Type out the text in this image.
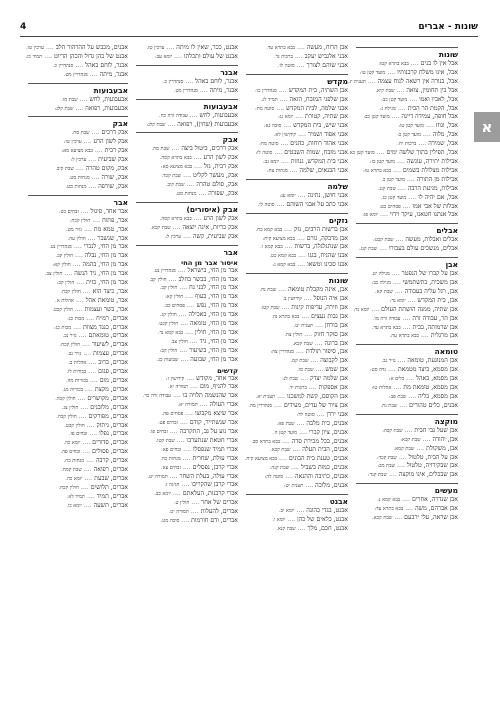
4	שונות - אברים
א
שונות
אבל אין לו בנים .... בבא בתרא קטו:
אבל, אינו משלח קרבנותיו .... מועד קטן טו:
אבל, בנורה אין רשאה לנוח עצמה .... תענית יג.
אבל בין תחומין, צואה .... שבת קיא.
אבל, לאביו ואמו .... מועד קטן כב:
אבל, הקמת הר הבית .... מגילה ג:
אבל חופה, עמידה דיינה .... מועד קטן כב:
אבל, וגוזז .... מועד קטן טו:
אבל, מלוה .... מועד קטן כ:
אבל, שמירה .... ברכות יח.
אבל, תפילין בתוך שלשה ימים .... מועד קטן כא.
אבילות יתירה, עונשה .... מועד קטן כז:
אבילות מצלולת בשמים .... בבא בתרא טז:
אבילות מן התורה .... מועד קטן כ.
אבילות, מניעת הרבה .... שבת קנג.
אבל, אם יהיה לו .... מועד קטן כג.
אבלות של אבי אמו .... פסחים כט:
אבל אנתנו חטאנו, עיקר וידוי .... יומא פז:
אבלים
אבלים ואבלות, מעשה .... שבת קכט:
אבלים, מנשכים עולם בעבורו .... שבת קנג.
אבן
אבן על קברו של הנפטר .... מגילה יט.
אבן משכית, בתשתמשי .... מגילה כב:
אבן, רגל עליה בעבודה .... שבת קא.
אבן, בית המקדש .... יומא נד:
אבן שתיה, ממנה הושתת העולם .... יומא נד:
אבן הר, עבודה זרה .... עבודה זרה מו.
אבן שרמותה, בבית .... בבא בתרא עד.
אבן מרגלית .... בבא בתרא עה.
טומאה
אבן המנוגעת, טומאה .... נזיר נב.
אבן מסמא, כיצד מטמאת .... נדה סט:
אבן מסמא, באהל .... כלים א:
אבן מסמא, טומאת מת .... אהלות טו:
אבן מסמא, כליה .... שבת פב:
אבנים, כלים טהורים .... שבת נח.
מוקצה
אבן שעל גבי חבית .... שבת קכה:
אבן, יהודה .... שבת קכא:
אבן, משקולת .... שבת קמא.
אבן על הבית, טלטול .... שבת קכד:
אבן שבקירויה, טלטול .... שבת מב:
אבן שבכלים, אינו מוקצה .... שבת קנד:
מעשים
אבן שנדרה, אחרים .... בבא קמא נ:
אבן אברהם, משה .... בבא בתרא עד:
אבן שראה, עלי ירבעם .... שבת קכא.
אבן הרוח, מעשה .... בבא בתרא עד.
אבני אלגביש יעקב .... ברכות נד.
אבני שוהם לצורך .... סוטה לו.
מקדש
אבן השתיה, בית המקדש .... סנהדרין כו:
אבן שלפני המזבח, הזאה .... תמיד לג.
אבני שלמה, לבית המקדש .... סוטה מח:
אבן שתיה, קטורת .... יומא נג:
אבני שיש, בית המקדש .... סוכה נא:
אבני אפוד ושמיר .... קידושין לא.
אבני אהוד רוחות, כהנים .... סוטה מח:
אבני מזבח, שמות השבטים .... סוטה לו:
אבני בית המקדש, גנוזות .... יומא נב:
אבני הבנאים, שלמה .... מנחות צח:
שלמה
אבני חושן, נתינה .... יומא עג:
אבני כתב על אבני השוהם .... סוטה לו.
נזקים
אבן ברשות הרבים, נזק .... בבא קמא כח.
אבן מדבקה, גורם .... בבא מציעא קיח:
אבן שנתגלגלה, ברשות .... בבא קמא ו.
אבנו שהניח, בגגו .... בבא קמא כט.
אבנו סכינו ומשאו .... בבא קמא ג:
שונות
אבן, אינה מקבלת טומאה .... שבת נח.
אבן איה הנופל .... קידושין ב.
אבן וזירה, עדיפות קינות .... שבת קטז.
אבן גבות נעצים .... בבא בתרא נה.
אבן בורחן .... תענית יט.
אבן סוקר חזוק .... חולין צח.
אבן ברונה .... שבת קכא.
אבן, סיפור תולדת .... סנהדרין צה:
אבן לקבוצה .... שבת קמ.
אבן שמש .... שבת סו.
אבן שלמה יצדק .... שבת לג:
אבן אספקות .... ברכות יד.
אבן הקוסם, קשת למשכנו .... תענית יא.
אבן ציור של עדים, מעידים .... סנהדרין מה.
אבני ירדן .... סוטה לד:
אבנים, בית מלבה .... שבת פא.
אבנים, ציון קברי .... מועד קטן ה.
אבנים, בכל מכירת סדה .... בבא בתרא סב.
אבנים, הבית תעלה .... שבת קכא.
אבנים, טענת בית הבונים .... בבא מציעא קיח.
אבנים, כמות בשביל .... שבת קנה.
אבנים, כתיבה וההנאה .... סוטה לה:
אבנים, מלוכה .... תענית יט:
אבנט
אבנט, בגדי כהונה .... יומא יב.
אבנט, כלאים של כהן .... יומא ו.
אבנט, חכם, מלך .... שבת קנא.
אבנט, ככר, שאין לו מיתה .... ערכין טז.
אבנט של עולם ותכלתו .... יומא עב:
אבנר
אבנר, לוחם באהל .... סנהדרין כ.
אבנר, מיתה .... סנהדרין מט.
אבעבועות
אבעבועות, לחש .... עבודה זרה כח.
אבעבועות (שחין), רפואה .... שבת קלג:
אבק
אבק דרכים, ביטול ביצה .... שבת סח.
אבק לשון הרע .... בבא בתרא קסה.
אבק רבית, גזל .... בבא מציעא סא:
אבק, מעשר לקליט .... שבת קכד.
אבק, סולם טהרה .... שבת קיב.
אבק, שפורה .... מנחות סט.
אבק (איסורים)
אבק לשון הרע .... בבא בתרא קסה.
אבק בריות, אינה יוצאה .... שבת קכא.
אבק שביעית, קשה .... ערכין ל:
אבר
איסור אבר מן החי
אבר מן החי, בישראל .... סנהדרין נט.
אבר מן החי, בבשר בחלב .... חולין קב.
אבר מן החי, לבני נח .... חולין קב.
אבר מן החי, בעוף .... חולין קא:
אבר מן החי, נפש .... פסחים כב.
אבר מן החי, באכילה .... חולין קג.
אבר מן החי, טומאה .... חולין קכט.
אבר מן החי, חולין .... בבא קמא נד.
אבר מן החי, גיד .... חולין צב.
אבר מן החי, בשיעור .... חולין קב:
אבר מן החי, שבועה .... שבועות כג.
קדשים
אבר אחד, מקודש .... קידושין ז:
אבר להניף, מום .... תמורה יא.
אבר שהנשמה תלויה בו .... עבודה זרה כד.
אברי העולה .... תמורה יא.
אבר שיצא מקבוצו .... פסחים פה.
אבר שנשתייר, קודם .... זבחים פט.
אבר גוע על גב, התקרבה .... זבחים פו.
אברי חטאת שנתערבו .... שבת קטו.
אברי תמיד שנפסלו .... זבחים פא.
אברי עולת, שחרית .... מנחות כח.
אברי קרבן, נפסלים .... זבחים צא.
אברי עולה, בעלת השחר .... תמורה יט.
אברי קרבן שהקריבו .... חגיגה ז.
אברי קרבנות, העלאתם .... יומא כב.
אברים של אחר .... חולין ט.
אברים, להעלות .... תמורה יט.
אברים, ודם חורמות .... סוכה מט.
אבנים, מכבש על ההרהור הלב .... ערכין טו.
אבנט של כהן גדול והכהן הדיוט .... תמיד כז.
אבנר, לוחם באהל .... סנהדרין כ.
אבנר, מיתה .... סנהדרין מט.
אבעבועות
אבעבועות, לחש .... שבת סו.
אבעבועות, רפואה .... שבת קלג:
אבק
אבק דרכים .... שבת סח.
אבק לשון הרע .... ערכין טו:
אבק רבית .... בבא מציעא סא:
אבק שביעית .... ערכין ל:
אבק, מקום טהרה .... שבת קיב.
אבק, שורה .... מנחות סט.
אבק, שורפה .... מנחות סט.
אבר
אבר אחד, פיגול .... זבחים כט.
אבר, פתוח .... חולין קכח.
אבר, טמא מת .... נזיר מט.
אבר, שנשבר .... חולין עה.
אבר מן החי, לנכרי .... סנהדרין נט.
אבר מן החי, נבלה .... חולין קב.
אבר מן החי, בהמה .... חולין קא:
אבר מן החי, גיד הנשה .... חולין צב.
אבר מן החי, כזית .... חולין קב:
אבר, כיצד הוא .... חולין קכח.
אבר, טומאת אהל .... אהלות א.
אבר, בשר ועצמות .... חולין קכט.
אברים, רמ״ח .... מכות כג:
אברים, כנגד מצוות .... מכות כג:
אברים, טומאתם .... נזיר נב.
אברים, לשיעור .... חולין קכח.
אברים, עצמות .... נזיר נב.
אברים, ברוב .... אהלות ב.
אברים, פגום .... בכורות לז.
אברים, מום .... בכורות מה.
אברים, מקצת .... בכורות מג.
אברים, מקושרים .... חולין קכה.
אברים, מלובנים .... חולין צג.
אברים, מפורקים .... חולין קכח.
אברים, ניתוק .... חולין קכט.
אברים, נפלו .... זבחים פו.
אברים, סדורים .... יומא כה.
אברים, פסולים .... זבחים פה.
אברים, קרבה .... מנחות כח.
אברים, רפואה .... שבת קמח.
אברים, שבעת .... יומא כה.
אברים, תלושים .... חולין קכח.
אברים, תמיד .... תמיד לא.
אברים, תשעה .... יומא כו.
